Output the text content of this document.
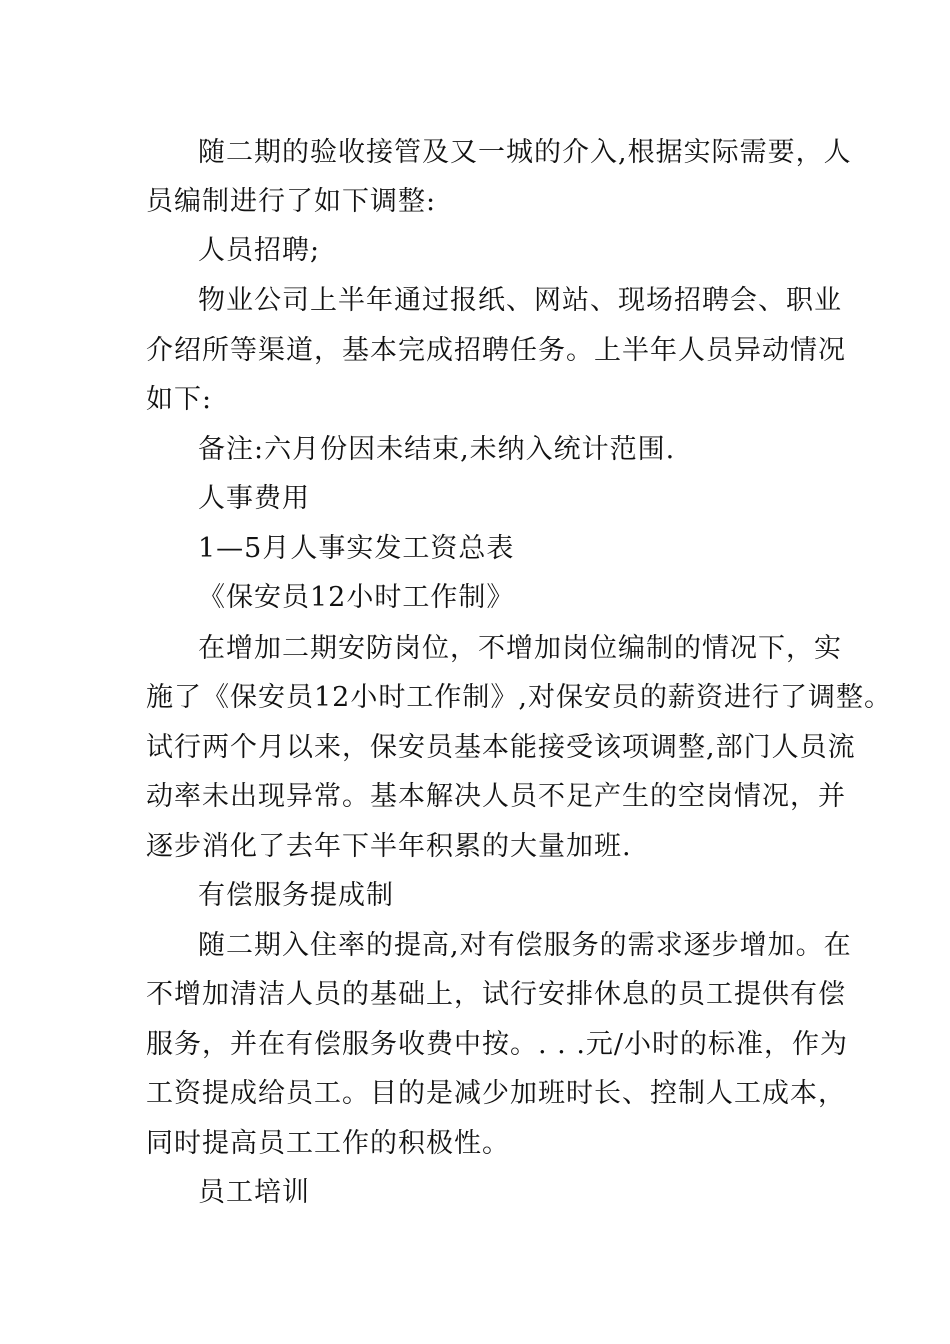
随二期的验收接管及又一城的介入,根据实际需要，人
员编制进行了如下调整:
人员招聘;
物业公司上半年通过报纸、网站、现场招聘会、职业
介绍所等渠道，基本完成招聘任务。上半年人员异动情况
如下:
备注:六月份因未结束,未纳入统计范围.
人事费用
1—5月人事实发工资总表
《保安员12小时工作制》
在增加二期安防岗位，不增加岗位编制的情况下，实
施了《保安员12小时工作制》,对保安员的薪资进行了调整。
试行两个月以来，保安员基本能接受该项调整,部门人员流
动率未出现异常。基本解决人员不足产生的空岗情况，并
逐步消化了去年下半年积累的大量加班.
有偿服务提成制
随二期入住率的提高,对有偿服务的需求逐步增加。在
不增加清洁人员的基础上，试行安排休息的员工提供有偿
服务，并在有偿服务收费中按。. . .元/小时的标准，作为
工资提成给员工。目的是减少加班时长、控制人工成本，
同时提高员工工作的积极性。
员工培训
